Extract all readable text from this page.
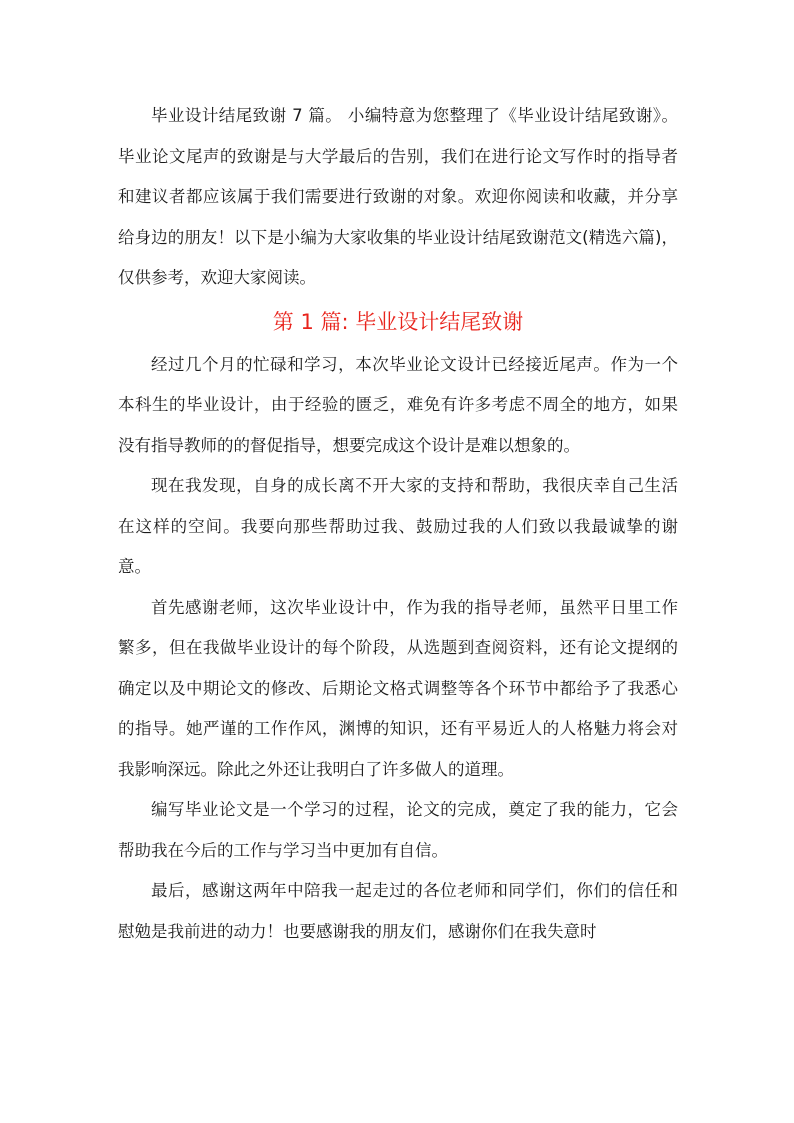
毕业设计结尾致谢 7 篇。 小编特意为您整理了《毕业设计结尾致谢》。毕业论文尾声的致谢是与大学最后的告别，我们在进行论文写作时的指导者和建议者都应该属于我们需要进行致谢的对象。欢迎你阅读和收藏，并分享给身边的朋友！以下是小编为大家收集的毕业设计结尾致谢范文(精选六篇)，仅供参考，欢迎大家阅读。

第 1 篇: 毕业设计结尾致谢

经过几个月的忙碌和学习，本次毕业论文设计已经接近尾声。作为一个本科生的毕业设计，由于经验的匮乏，难免有许多考虑不周全的地方，如果没有指导教师的的督促指导，想要完成这个设计是难以想象的。

现在我发现，自身的成长离不开大家的支持和帮助，我很庆幸自己生活在这样的空间。我要向那些帮助过我、鼓励过我的人们致以我最诚挚的谢意。

首先感谢老师，这次毕业设计中，作为我的指导老师，虽然平日里工作繁多，但在我做毕业设计的每个阶段，从选题到查阅资料，还有论文提纲的确定以及中期论文的修改、后期论文格式调整等各个环节中都给予了我悉心的指导。她严谨的工作作风，渊博的知识，还有平易近人的人格魅力将会对我影响深远。除此之外还让我明白了许多做人的道理。

编写毕业论文是一个学习的过程，论文的完成，奠定了我的能力，它会帮助我在今后的工作与学习当中更加有自信。

最后，感谢这两年中陪我一起走过的各位老师和同学们，你们的信任和慰勉是我前进的动力！也要感谢我的朋友们，感谢你们在我失意时
